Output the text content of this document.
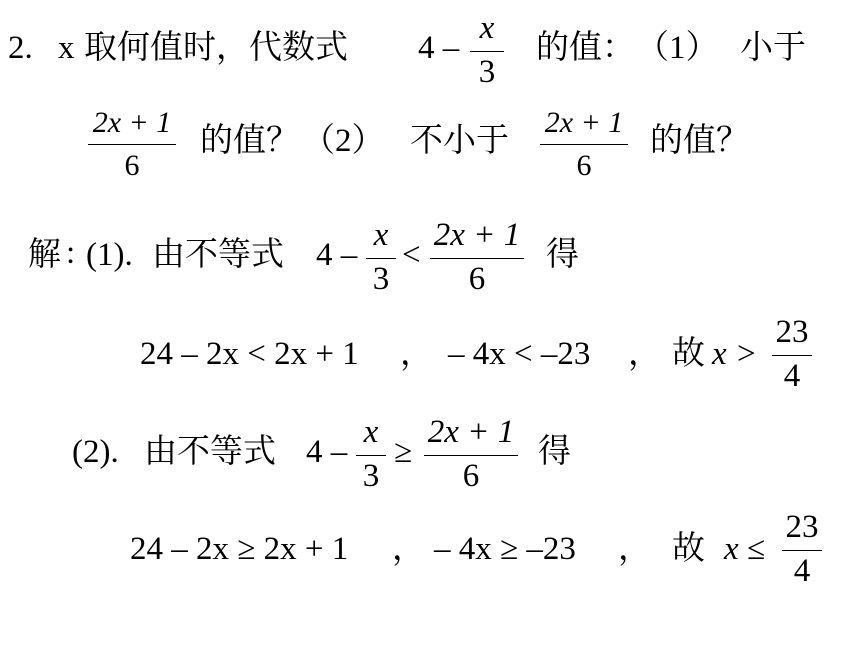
2. x 取何值时，代数式 4 –
x
3
的值： （1） 小于
2x + 1
6
的值？ （2） 不小于
2x + 1
6
的值？
解 : (1). 由不等式 4 –
x
3
<
2x + 1
6
得
24 – 2x < 2x + 1 ， – 4x < –23 ， 故 x >
23
4
(2). 由不等式 4 –
x
3
≥
2x + 1
6
得
24 – 2x ≥ 2x + 1 ， – 4x ≥ –23 ， 故 x ≤
23
4
